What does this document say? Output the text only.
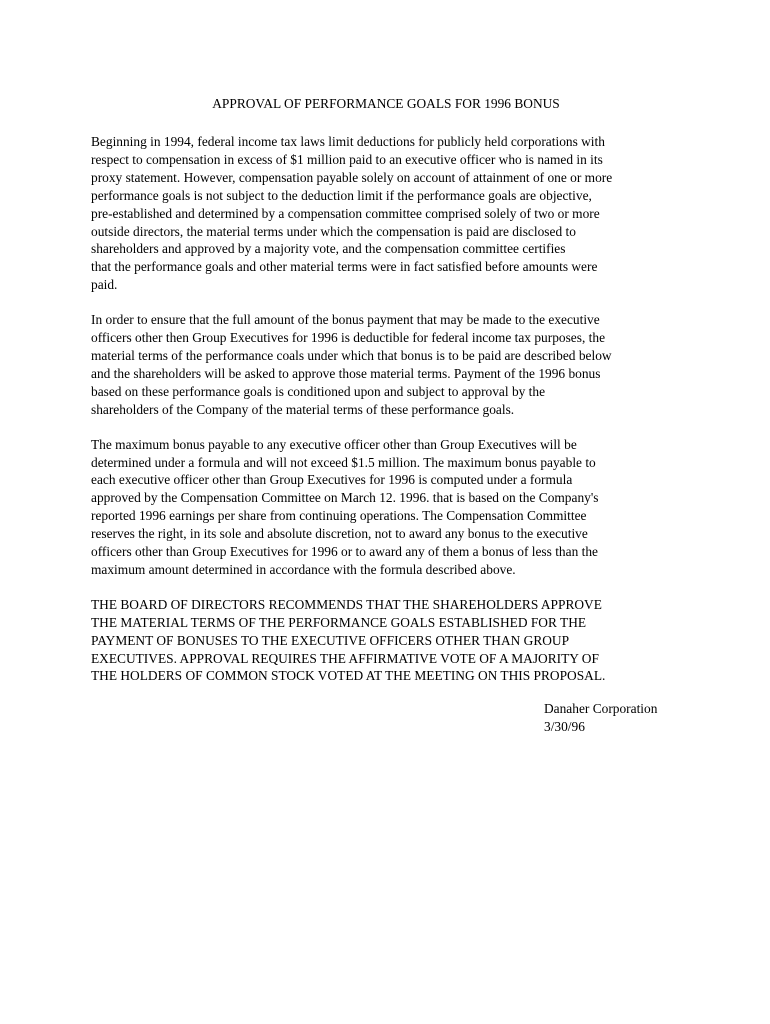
APPROVAL OF PERFORMANCE GOALS FOR 1996 BONUS
Beginning in 1994, federal income tax laws limit deductions for publicly held corporations with
respect to compensation in excess of $1 million paid to an executive officer who is named in its
proxy statement. However, compensation payable solely on account of attainment of one or more
performance goals is not subject to the deduction limit if the performance goals are objective,
pre-established and determined by a compensation committee comprised solely of two or more
outside directors, the material terms under which the compensation is paid are disclosed to
shareholders and approved by a majority vote, and the compensation committee certifies
that the performance goals and other material terms were in fact satisfied before amounts were
paid.
In order to ensure that the full amount of the bonus payment that may be made to the executive
officers other then Group Executives for 1996 is deductible for federal income tax purposes, the
material terms of the performance coals under which that bonus is to be paid are described below
and the shareholders will be asked to approve those material terms. Payment of the 1996 bonus
based on these performance goals is conditioned upon and subject to approval by the
shareholders of the Company of the material terms of these performance goals.
The maximum bonus payable to any executive officer other than Group Executives will be
determined under a formula and will not exceed $1.5 million. The maximum bonus payable to
each executive officer other than Group Executives for 1996 is computed under a formula
approved by the Compensation Committee on March 12. 1996. that is based on the Company's
reported 1996 earnings per share from continuing operations. The Compensation Committee
reserves the right, in its sole and absolute discretion, not to award any bonus to the executive
officers other than Group Executives for 1996 or to award any of them a bonus of less than the
maximum amount determined in accordance with the formula described above.
THE BOARD OF DIRECTORS RECOMMENDS THAT THE SHAREHOLDERS APPROVE
THE MATERIAL TERMS OF THE PERFORMANCE GOALS ESTABLISHED FOR THE
PAYMENT OF BONUSES TO THE EXECUTIVE OFFICERS OTHER THAN GROUP
EXECUTIVES. APPROVAL REQUIRES THE AFFIRMATIVE VOTE OF A MAJORITY OF
THE HOLDERS OF COMMON STOCK VOTED AT THE MEETING ON THIS PROPOSAL.
Danaher Corporation
3/30/96
